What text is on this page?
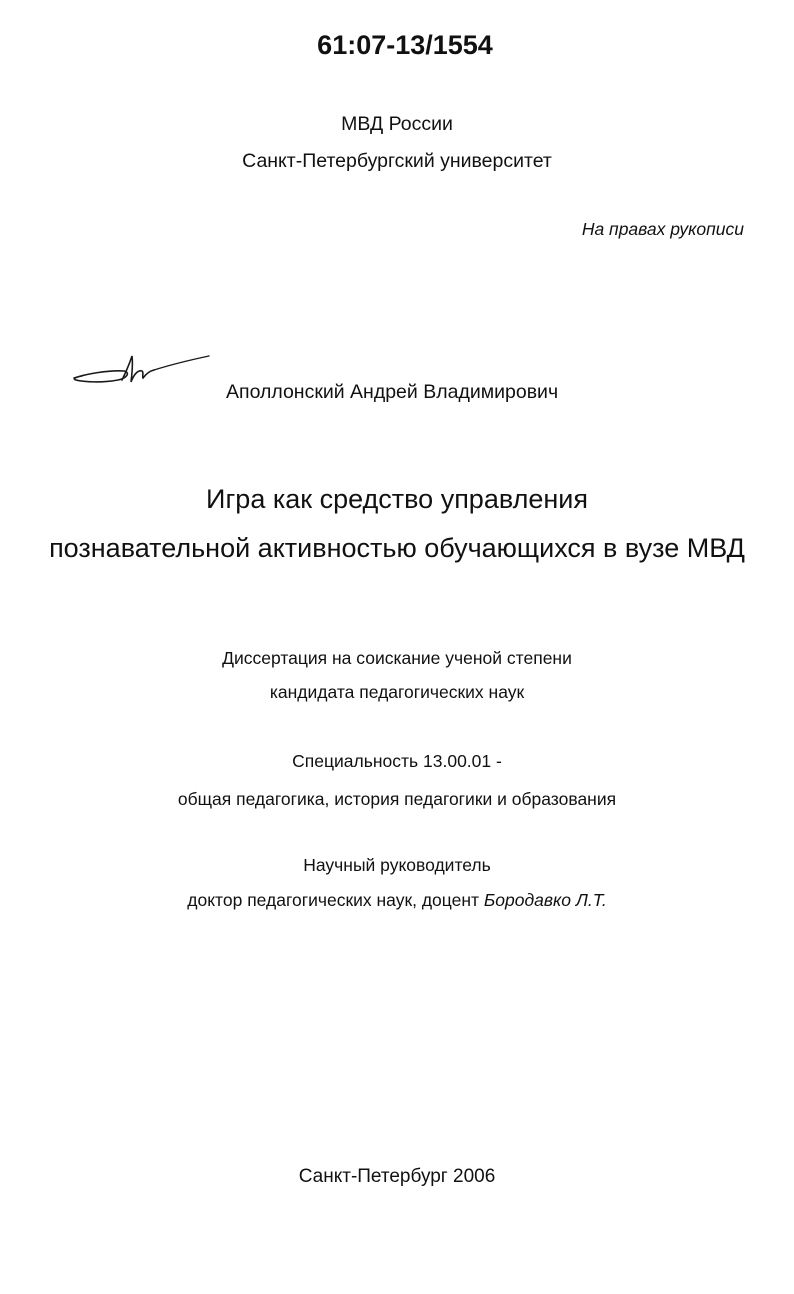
61:07-13/1554
МВД России
Санкт-Петербургский университет
На правах рукописи
Аполлонский Андрей Владимирович
Игра как средство управления
познавательной активностью обучающихся в вузе МВД
Диссертация на соискание ученой степени
кандидата педагогических наук
Специальность 13.00.01 -
общая педагогика, история педагогики и образования
Научный руководитель
доктор педагогических наук, доцент Бородавко Л.Т.
Санкт-Петербург 2006
